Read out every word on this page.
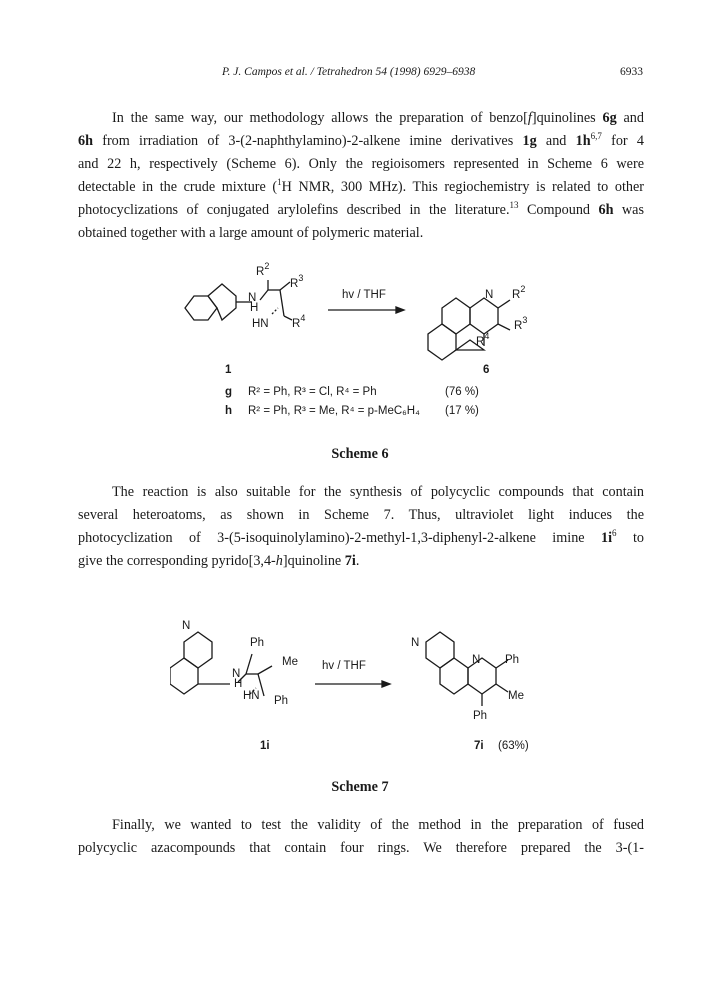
P. J. Campos et al. / Tetrahedron 54 (1998) 6929–6938	6933
In the same way, our methodology allows the preparation of benzo[f]quinolines 6g and
6h from irradiation of 3-(2-naphthylamino)-2-alkene imine derivatives 1g and $1h^{6,7}$ for 4
and 22 h, respectively (Scheme 6). Only the regioisomers represented in Scheme 6 were
detectable in the crude mixture ($^1$H NMR, 300 MHz). This regiochemistry is related to other
photocyclizations of conjugated arylolefins described in the literature.$^{13}$ Compound 6h was
obtained together with a large amount of polymeric material.
$R^2$
$R^3$
N
H
HN $R^4$
hv / THF	N $R^2$
$R^3$
$R^4$
1	6
g R² = Ph, R³ = Cl, R⁴ = Ph	(76 %)
h R² = Ph, R³ = Me, R⁴ = p-MeC₆H₄ (17 %)
Scheme 6
The reaction is also suitable for the synthesis of polycyclic compounds that contain
several heteroatoms, as shown in Scheme 7. Thus, ultraviolet light induces the
photocyclization of 3-(5-isoquinolylamino)-2-methyl-1,3-diphenyl-2-alkene imine $1i^6$ to
give the corresponding pyrido[3,4-h]quinoline 7i.
N
Ph
Me
N
H
HN Ph
hv / THF
N
N Ph
Me
Ph
1i	7i (63%)
Scheme 7
Finally, we wanted to test the validity of the method in the preparation of fused
polycyclic azacompounds that contain four rings. We therefore prepared the 3-(1-
